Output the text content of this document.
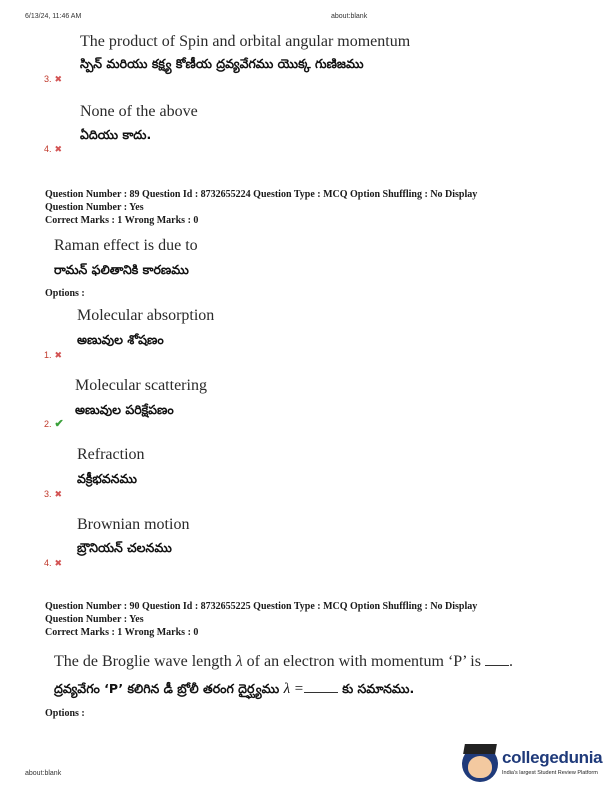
6/13/24, 11:46 AM	about:blank
The product of Spin and orbital angular momentum
స్పిన్ మరియు కక్ష్య కోణీయ ద్రవ్యవేగము యొక్క గుణిజము
3. ✖
None of the above
ఏదియు కాదు.
4. ✖
Question Number : 89 Question Id : 8732655224 Question Type : MCQ Option Shuffling : No Display
Question Number : Yes
Correct Marks : 1 Wrong Marks : 0
Raman effect is due to
రామన్ ఫలితానికి కారణము
Options :
Molecular absorption
అణువుల శోషణం
1. ✖
Molecular scattering
అణువుల పరిక్షేపణం
2. ✔
Refraction
వక్రీభవనము
3. ✖
Brownian motion
బ్రౌనియన్ చలనము
4. ✖
Question Number : 90 Question Id : 8732655225 Question Type : MCQ Option Shuffling : No Display
Question Number : Yes
Correct Marks : 1 Wrong Marks : 0
The de Broglie wave length λ of an electron with momentum ‘P’ is .
ద్రవ్యవేగం ‘P’ కలిగిన డీ బ్రోలీ తరంగ దైర్ఘ్యము λ =	కు సమానము.
Options :
about:blank
collegedunia
India's largest Student Review Platform
